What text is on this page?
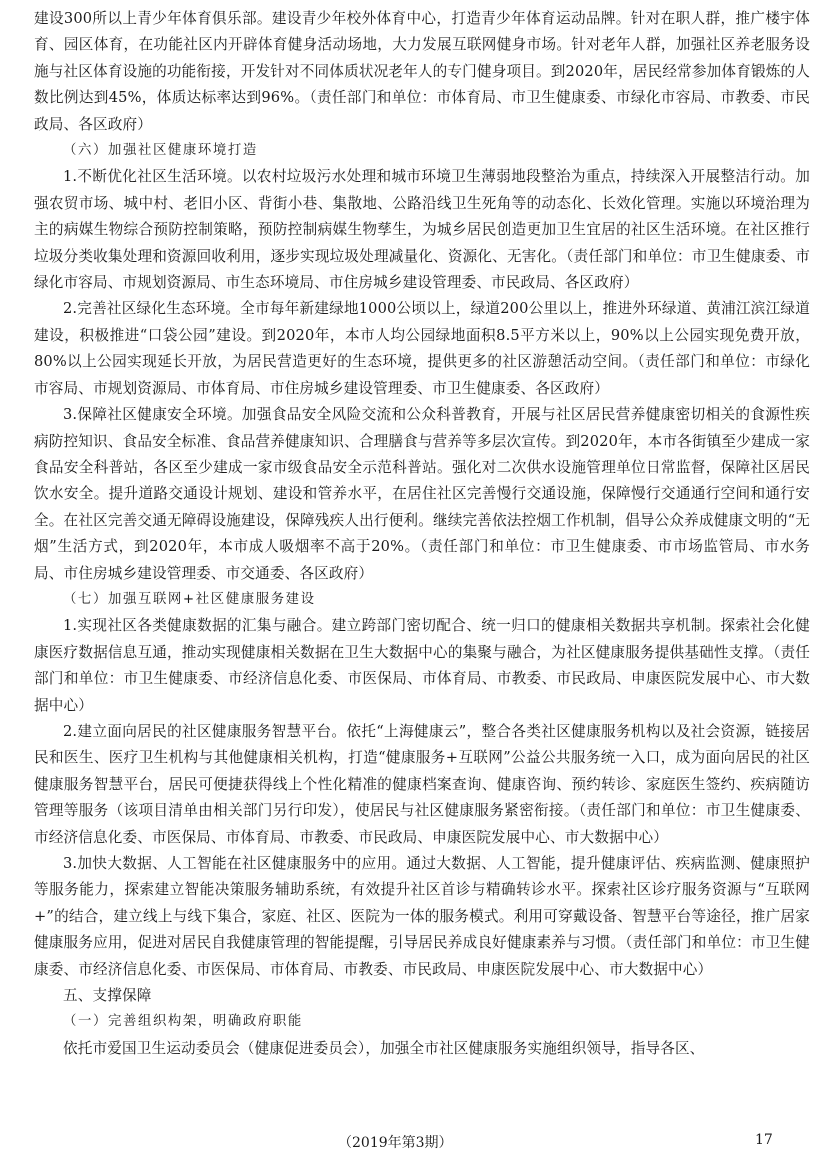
建设300所以上青少年体育俱乐部。建设青少年校外体育中心，打造青少年体育运动品牌。针对在职人群，推广楼宇体育、园区体育，在功能社区内开辟体育健身活动场地，大力发展互联网健身市场。针对老年人群，加强社区养老服务设施与社区体育设施的功能衔接，开发针对不同体质状况老年人的专门健身项目。到2020年，居民经常参加体育锻炼的人数比例达到45%，体质达标率达到96%。（责任部门和单位：市体育局、市卫生健康委、市绿化市容局、市教委、市民政局、各区政府）

（六）加强社区健康环境打造

1.不断优化社区生活环境。以农村垃圾污水处理和城市环境卫生薄弱地段整治为重点，持续深入开展整洁行动。加强农贸市场、城中村、老旧小区、背街小巷、集散地、公路沿线卫生死角等的动态化、长效化管理。实施以环境治理为主的病媒生物综合预防控制策略，预防控制病媒生物孳生，为城乡居民创造更加卫生宜居的社区生活环境。在社区推行垃圾分类收集处理和资源回收利用，逐步实现垃圾处理减量化、资源化、无害化。（责任部门和单位：市卫生健康委、市绿化市容局、市规划资源局、市生态环境局、市住房城乡建设管理委、市民政局、各区政府）

2.完善社区绿化生态环境。全市每年新建绿地1000公顷以上，绿道200公里以上，推进外环绿道、黄浦江滨江绿道建设，积极推进“口袋公园”建设。到2020年，本市人均公园绿地面积8.5平方米以上，90%以上公园实现免费开放，80%以上公园实现延长开放，为居民营造更好的生态环境，提供更多的社区游憩活动空间。（责任部门和单位：市绿化市容局、市规划资源局、市体育局、市住房城乡建设管理委、市卫生健康委、各区政府）

3.保障社区健康安全环境。加强食品安全风险交流和公众科普教育，开展与社区居民营养健康密切相关的食源性疾病防控知识、食品安全标准、食品营养健康知识、合理膳食与营养等多层次宣传。到2020年，本市各街镇至少建成一家食品安全科普站，各区至少建成一家市级食品安全示范科普站。强化对二次供水设施管理单位日常监督，保障社区居民饮水安全。提升道路交通设计规划、建设和管养水平，在居住社区完善慢行交通设施，保障慢行交通通行空间和通行安全。在社区完善交通无障碍设施建设，保障残疾人出行便利。继续完善依法控烟工作机制，倡导公众养成健康文明的“无烟”生活方式，到2020年，本市成人吸烟率不高于20%。（责任部门和单位：市卫生健康委、市市场监管局、市水务局、市住房城乡建设管理委、市交通委、各区政府）

（七）加强互联网+社区健康服务建设

1.实现社区各类健康数据的汇集与融合。建立跨部门密切配合、统一归口的健康相关数据共享机制。探索社会化健康医疗数据信息互通，推动实现健康相关数据在卫生大数据中心的集聚与融合，为社区健康服务提供基础性支撑。（责任部门和单位：市卫生健康委、市经济信息化委、市医保局、市体育局、市教委、市民政局、申康医院发展中心、市大数据中心）

2.建立面向居民的社区健康服务智慧平台。依托“上海健康云”，整合各类社区健康服务机构以及社会资源，链接居民和医生、医疗卫生机构与其他健康相关机构，打造“健康服务+互联网”公益公共服务统一入口，成为面向居民的社区健康服务智慧平台，居民可便捷获得线上个性化精准的健康档案查询、健康咨询、预约转诊、家庭医生签约、疾病随访管理等服务（该项目清单由相关部门另行印发），使居民与社区健康服务紧密衔接。（责任部门和单位：市卫生健康委、市经济信息化委、市医保局、市体育局、市教委、市民政局、申康医院发展中心、市大数据中心）

3.加快大数据、人工智能在社区健康服务中的应用。通过大数据、人工智能，提升健康评估、疾病监测、健康照护等服务能力，探索建立智能决策服务辅助系统，有效提升社区首诊与精确转诊水平。探索社区诊疗服务资源与“互联网+”的结合，建立线上与线下集合，家庭、社区、医院为一体的服务模式。利用可穿戴设备、智慧平台等途径，推广居家健康服务应用，促进对居民自我健康管理的智能提醒，引导居民养成良好健康素养与习惯。（责任部门和单位：市卫生健康委、市经济信息化委、市医保局、市体育局、市教委、市民政局、申康医院发展中心、市大数据中心）

五、支撑保障

（一）完善组织构架，明确政府职能

依托市爱国卫生运动委员会（健康促进委员会），加强全市社区健康服务实施组织领导，指导各区、

（2019年第3期）	17
